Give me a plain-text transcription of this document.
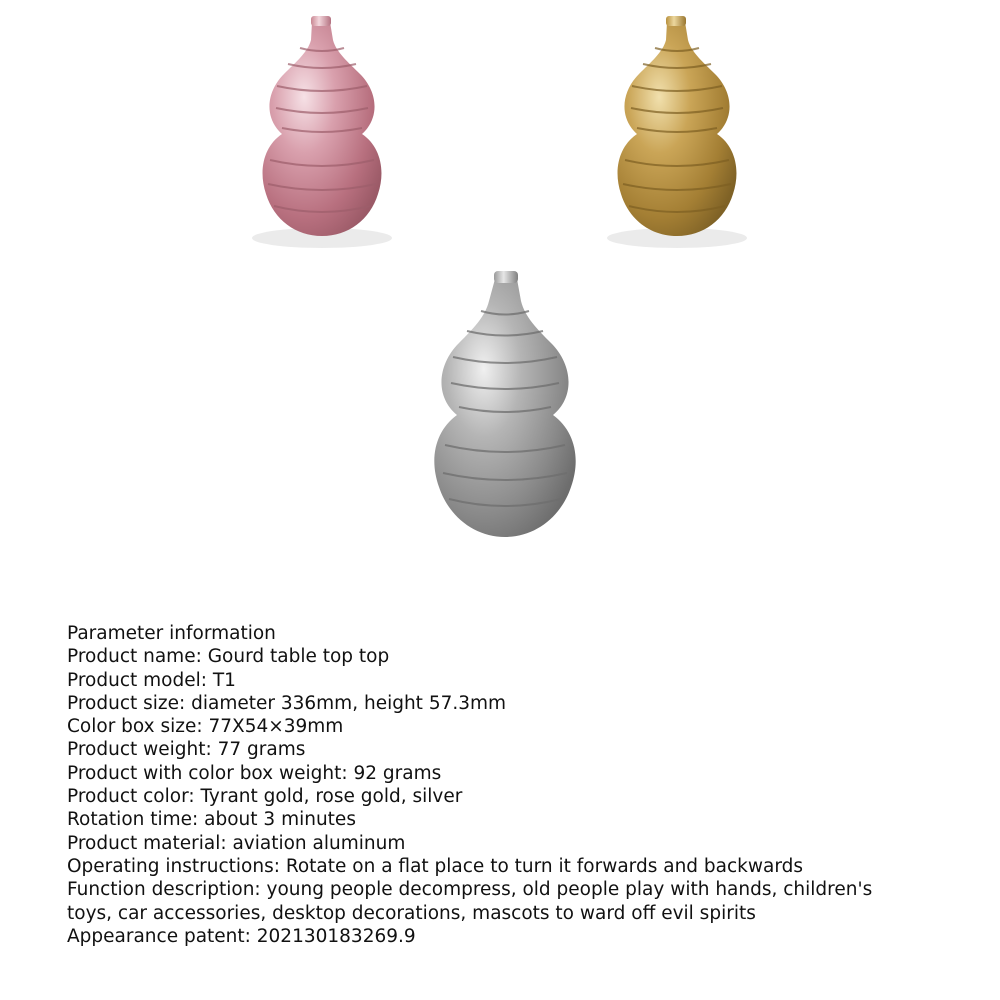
Parameter information
Product name: Gourd table top top
Product model: T1
Product size: diameter 336mm, height 57.3mm
Color box size: 77X54×39mm
Product weight: 77 grams
Product with color box weight: 92 grams
Product color: Tyrant gold, rose gold, silver
Rotation time: about 3 minutes
Product material: aviation aluminum
Operating instructions: Rotate on a flat place to turn it forwards and backwards
Function description: young people decompress, old people play with hands, children's toys, car accessories, desktop decorations, mascots to ward off evil spirits
Appearance patent: 202130183269.9
